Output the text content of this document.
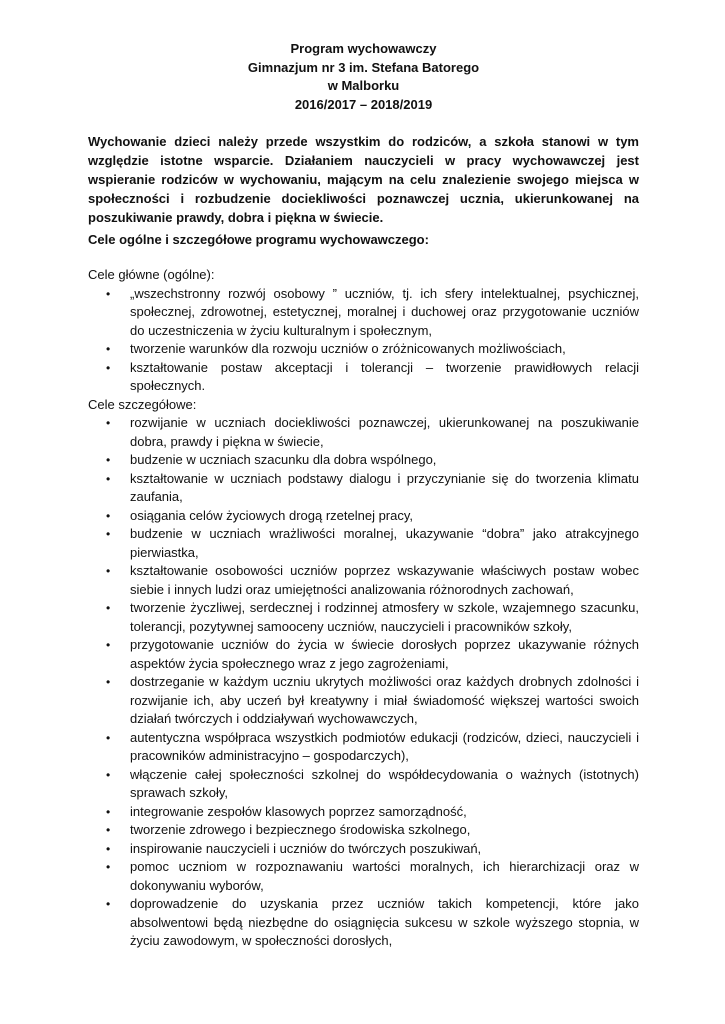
Program wychowawczy
Gimnazjum nr 3 im. Stefana Batorego
w Malborku
2016/2017 – 2018/2019
Wychowanie dzieci należy przede wszystkim do rodziców, a szkoła stanowi w tym względzie istotne wsparcie. Działaniem nauczycieli w pracy wychowawczej jest wspieranie rodziców w wychowaniu, mającym na celu znalezienie swojego miejsca w społeczności i rozbudzenie dociekliwości poznawczej ucznia, ukierunkowanej na poszukiwanie prawdy, dobra i piękna w świecie.
Cele ogólne i szczegółowe programu wychowawczego:
Cele główne (ogólne):
• „wszechstronny rozwój osobowy ” uczniów, tj. ich sfery intelektualnej, psychicznej, społecznej, zdrowotnej, estetycznej, moralnej i duchowej oraz przygotowanie uczniów do uczestniczenia w życiu kulturalnym i społecznym,
• tworzenie warunków dla rozwoju uczniów o zróżnicowanych możliwościach,
• kształtowanie postaw akceptacji i tolerancji – tworzenie prawidłowych relacji społecznych.
Cele szczegółowe:
• rozwijanie w uczniach dociekliwości poznawczej, ukierunkowanej na poszukiwanie dobra, prawdy i piękna w świecie,
• budzenie w uczniach szacunku dla dobra wspólnego,
• kształtowanie w uczniach podstawy dialogu i przyczynianie się do tworzenia klimatu zaufania,
• osiągania celów życiowych drogą rzetelnej pracy,
• budzenie w uczniach wrażliwości moralnej, ukazywanie “dobra” jako atrakcyjnego pierwiastka,
• kształtowanie osobowości uczniów poprzez wskazywanie właściwych postaw wobec siebie i innych ludzi oraz umiejętności analizowania różnorodnych zachowań,
• tworzenie życzliwej, serdecznej i rodzinnej atmosfery w szkole, wzajemnego szacunku, tolerancji, pozytywnej samooceny uczniów, nauczycieli i pracowników szkoły,
• przygotowanie uczniów do życia w świecie dorosłych poprzez ukazywanie różnych aspektów życia społecznego wraz z jego zagrożeniami,
• dostrzeganie w każdym uczniu ukrytych możliwości oraz każdych drobnych zdolności i rozwijanie ich, aby uczeń był kreatywny i miał świadomość większej wartości swoich działań twórczych i oddziaływań wychowawczych,
• autentyczna współpraca wszystkich podmiotów edukacji (rodziców, dzieci, nauczycieli i pracowników administracyjno – gospodarczych),
• włączenie całej społeczności szkolnej do współdecydowania o ważnych (istotnych) sprawach szkoły,
• integrowanie zespołów klasowych poprzez samorządność,
• tworzenie zdrowego i bezpiecznego środowiska szkolnego,
• inspirowanie nauczycieli i uczniów do twórczych poszukiwań,
• pomoc uczniom w rozpoznawaniu wartości moralnych, ich hierarchizacji oraz w dokonywaniu wyborów,
• doprowadzenie do uzyskania przez uczniów takich kompetencji, które jako absolwentowi będą niezbędne do osiągnięcia sukcesu w szkole wyższego stopnia, w życiu zawodowym, w społeczności dorosłych,
